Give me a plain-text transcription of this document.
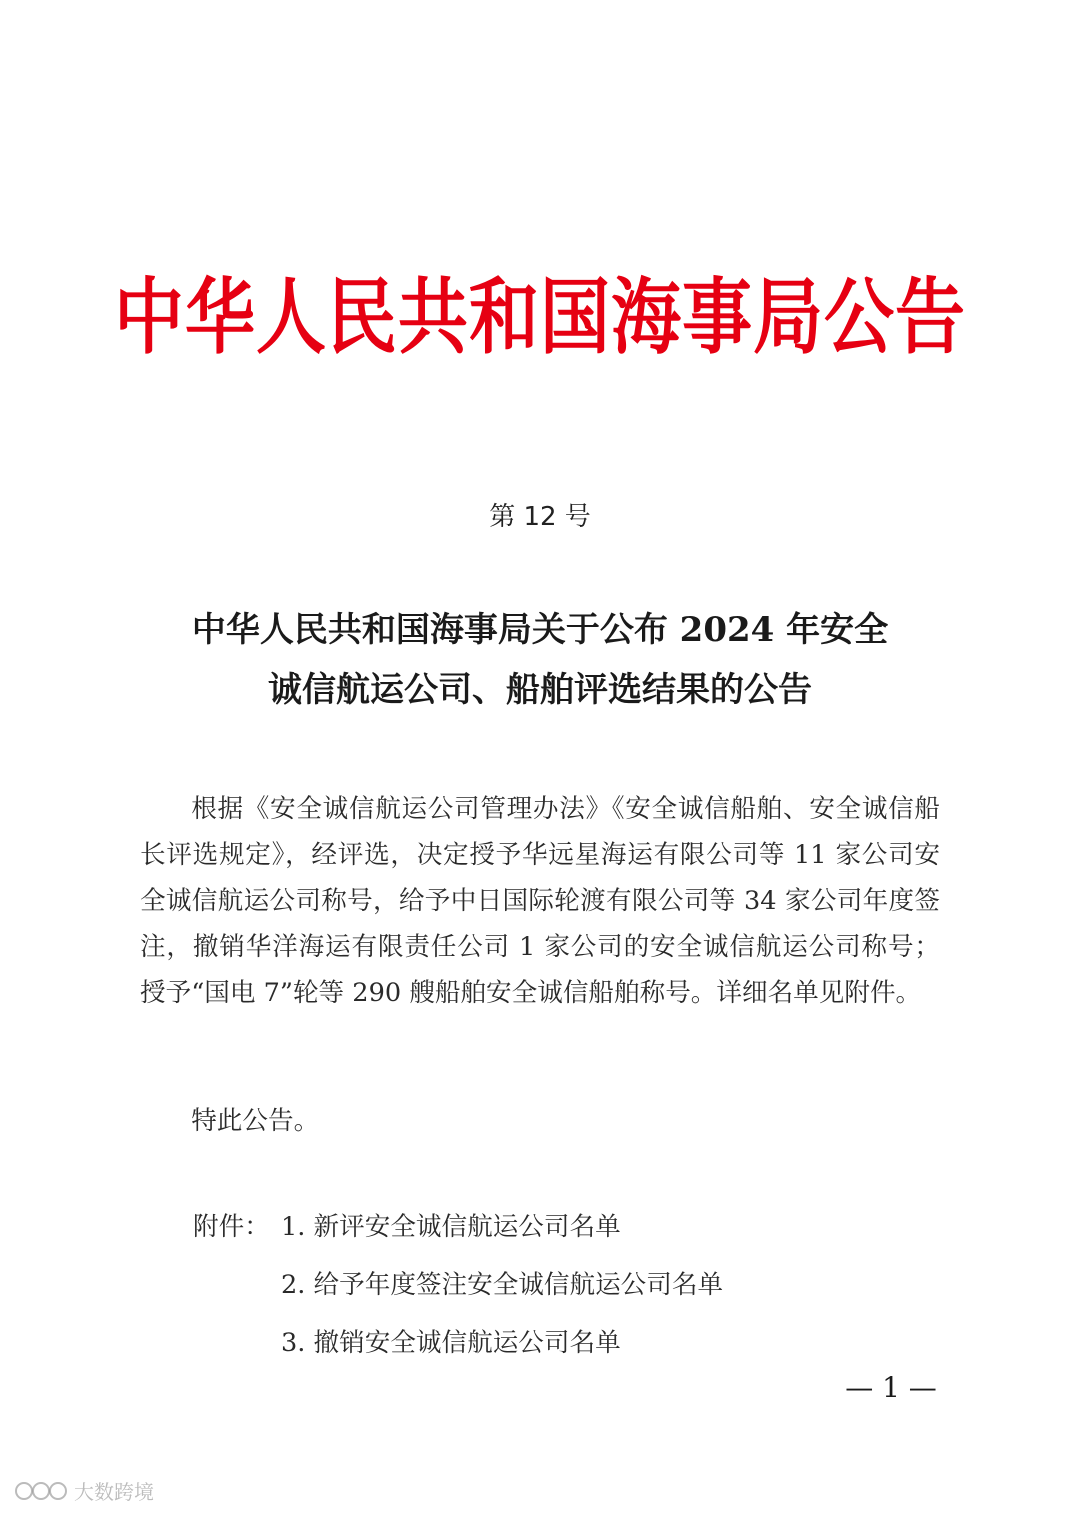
中华人民共和国海事局公告
第 12 号
中华人民共和国海事局关于公布 2024 年安全
诚信航运公司、船舶评选结果的公告

根据《安全诚信航运公司管理办法》《安全诚信船舶、安全诚信船长评选规定》，经评选，决定授予华远星海运有限公司等 11 家公司安全诚信航运公司称号，给予中日国际轮渡有限公司等 34 家公司年度签注，撤销华洋海运有限责任公司 1 家公司的安全诚信航运公司称号；授予“国电 7”轮等 290 艘船舶安全诚信船舶称号。详细名单见附件。

特此公告。
附件： 1. 新评安全诚信航运公司名单
2. 给予年度签注安全诚信航运公司名单
3. 撤销安全诚信航运公司名单
— 1 —
大数跨境
